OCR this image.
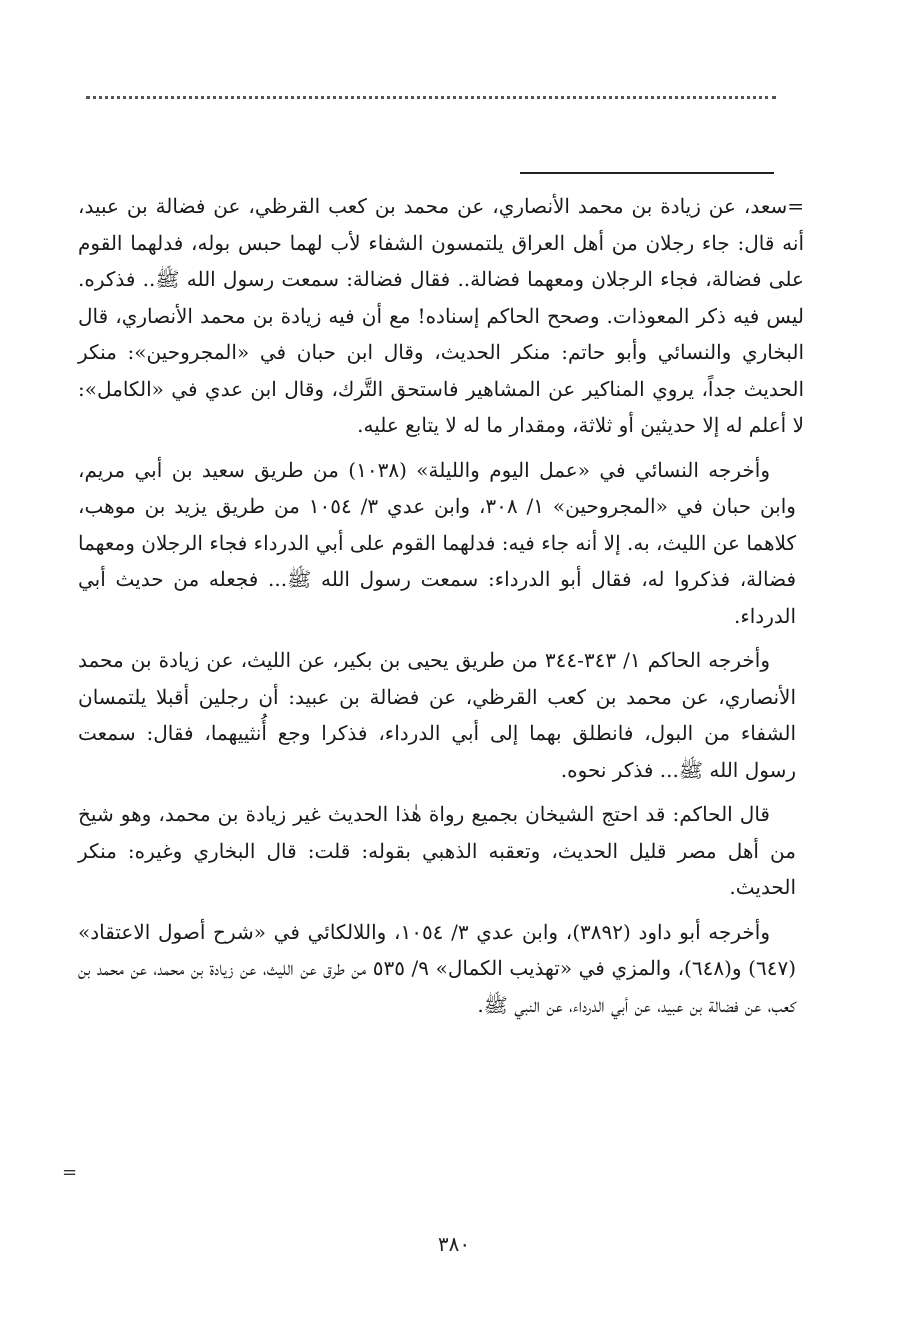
=سعد، عن زيادة بن محمد الأنصاري، عن محمد بن كعب القرظي، عن فضالة بن عبيد، أنه قال: جاء رجلان من أهل العراق يلتمسون الشفاء لأب لهما حبس بوله، فدلهما القوم على فضالة، فجاء الرجلان ومعهما فضالة.. فقال فضالة: سمعت رسول الله ﷺ.. فذكره. ليس فيه ذكر المعوذات. وصحح الحاكم إسناده! مع أن فيه زيادة بن محمد الأنصاري، قال البخاري والنسائي وأبو حاتم: منكر الحديث، وقال ابن حبان في «المجروحين»: منكر الحديث جداً، يروي المناكير عن المشاهير فاستحق التَّرك، وقال ابن عدي في «الكامل»: لا أعلم له إلا حديثين أو ثلاثة، ومقدار ما له لا يتابع عليه.

وأخرجه النسائي في «عمل اليوم والليلة» (١٠٣٨) من طريق سعيد بن أبي مريم، وابن حبان في «المجروحين» ١/ ٣٠٨، وابن عدي ٣/ ١٠٥٤ من طريق يزيد بن موهب، كلاهما عن الليث، به. إلا أنه جاء فيه: فدلهما القوم على أبي الدرداء فجاء الرجلان ومعهما فضالة، فذكروا له، فقال أبو الدرداء: سمعت رسول الله ﷺ... فجعله من حديث أبي الدرداء.

وأخرجه الحاكم ١/ ٣٤٣-٣٤٤ من طريق يحيى بن بكير، عن الليث، عن زيادة بن محمد الأنصاري، عن محمد بن كعب القرظي، عن فضالة بن عبيد: أن رجلين أقبلا يلتمسان الشفاء من البول، فانطلق بهما إلى أبي الدرداء، فذكرا وجع أُنثييهما، فقال: سمعت رسول الله ﷺ... فذكر نحوه.

قال الحاكم: قد احتج الشيخان بجميع رواة هٰذا الحديث غير زيادة بن محمد، وهو شيخ من أهل مصر قليل الحديث، وتعقبه الذهبي بقوله: قلت: قال البخاري وغيره: منكر الحديث.

وأخرجه أبو داود (٣٨٩٢)، وابن عدي ٣/ ١٠٥٤، واللالكائي في «شرح أصول الاعتقاد» (٦٤٧) و(٦٤٨)، والمزي في «تهذيب الكمال» ٩/ ٥٣٥ من طرق عن الليث، عن زيادة بن محمد، عن محمد بن كعب، عن فضالة بن عبيد، عن أبي الدرداء، عن النبي ﷺ.

=
٣٨٠
